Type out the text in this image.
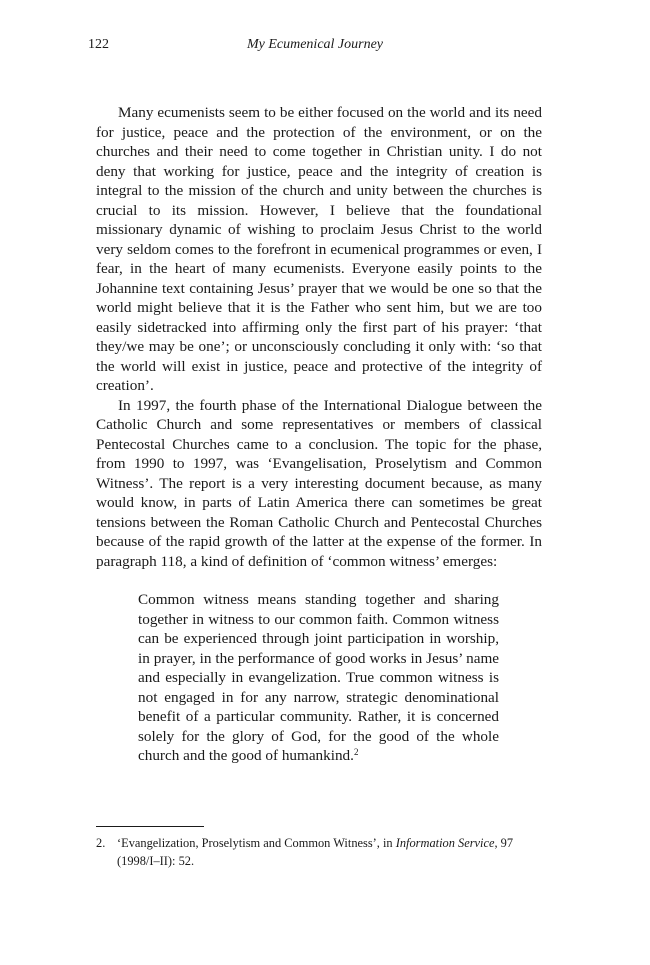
122	My Ecumenical Journey

Many ecumenists seem to be either focused on the world and its need for justice, peace and the protection of the environment, or on the churches and their need to come together in Christian unity. I do not deny that working for justice, peace and the integrity of creation is integral to the mission of the church and unity between the churches is crucial to its mission. However, I believe that the foundational missionary dynamic of wishing to proclaim Jesus Christ to the world very seldom comes to the forefront in ecumenical programmes or even, I fear, in the heart of many ecumenists. Everyone easily points to the Johannine text containing Jesus’ prayer that we would be one so that the world might believe that it is the Father who sent him, but we are too easily sidetracked into affirming only the first part of his prayer: ‘that they/we may be one’; or unconsciously concluding it only with: ‘so that the world will exist in justice, peace and protective of the integrity of creation’.

In 1997, the fourth phase of the International Dialogue between the Catholic Church and some representatives or members of classical Pentecostal Churches came to a conclusion. The topic for the phase, from 1990 to 1997, was ‘Evangelisation, Proselytism and Common Witness’. The report is a very interesting document because, as many would know, in parts of Latin America there can sometimes be great tensions between the Roman Catholic Church and Pentecostal Churches because of the rapid growth of the latter at the expense of the former. In paragraph 118, a kind of definition of ‘common witness’ emerges:

Common witness means standing together and sharing together in witness to our common faith. Common witness can be experienced through joint participation in worship, in prayer, in the performance of good works in Jesus’ name and especially in evangelization. True common witness is not engaged in for any narrow, strategic denominational benefit of a particular community. Rather, it is concerned solely for the glory of God, for the good of the whole church and the good of humankind.$^2$
2. ‘Evangelization, Proselytism and Common Witness’, in Information Service, 97 (1998/I–II): 52.
